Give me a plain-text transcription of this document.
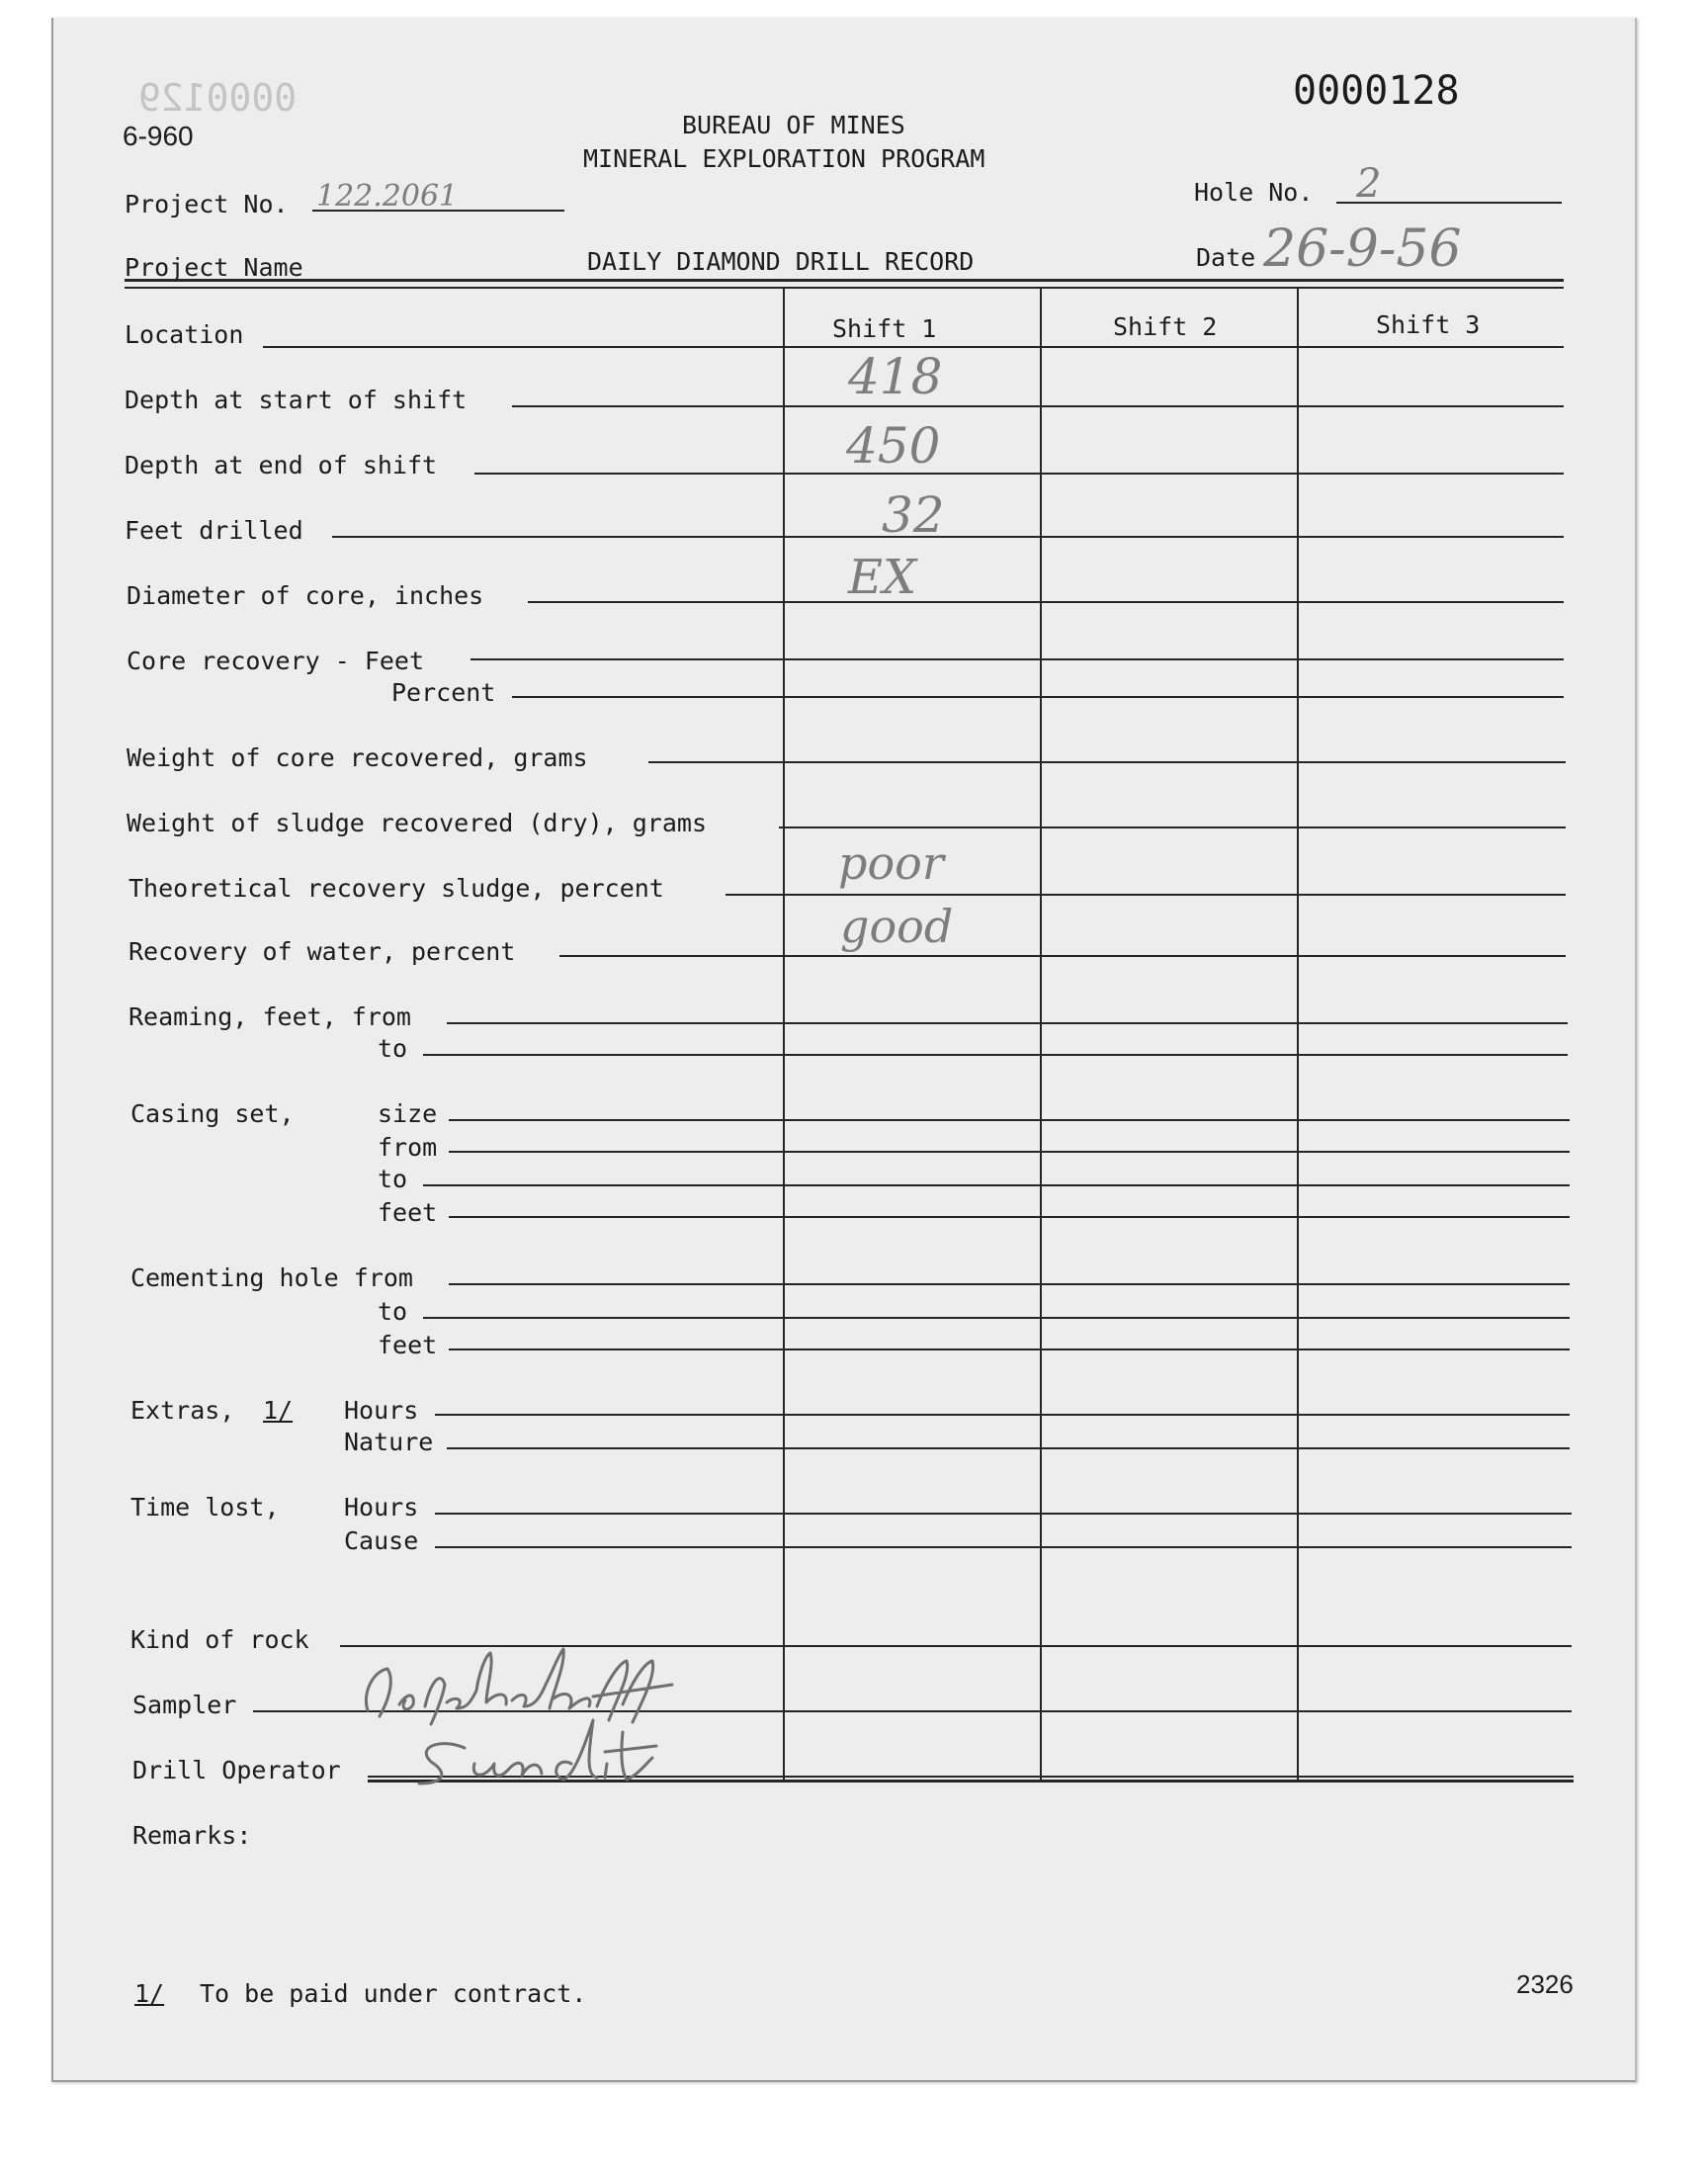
0000129	0000128
6-960	BUREAU OF MINES
MINERAL EXPLORATION PROGRAM
Project No. 122.2061	Hole No. 2
Project Name	DAILY DIAMOND DRILL RECORD	Date 26-9-56
Shift 1	Shift 2	Shift 3
Location
Depth at start of shift	418
Depth at end of shift	450
Feet drilled	32
Diameter of core, inches	EX
Core recovery - Feet
Percent
Weight of core recovered, grams
Weight of sludge recovered (dry), grams
Theoretical recovery sludge, percent	poor
Recovery of water, percent	good
Reaming, feet, from
to
Casing set,	size
from
to
feet
Cementing hole from
to
feet
Extras, 1/ Hours
Nature
Time lost,	Hours
Cause
Kind of rock
Sampler
Drill Operator
Remarks:
1/ To be paid under contract.	2326
